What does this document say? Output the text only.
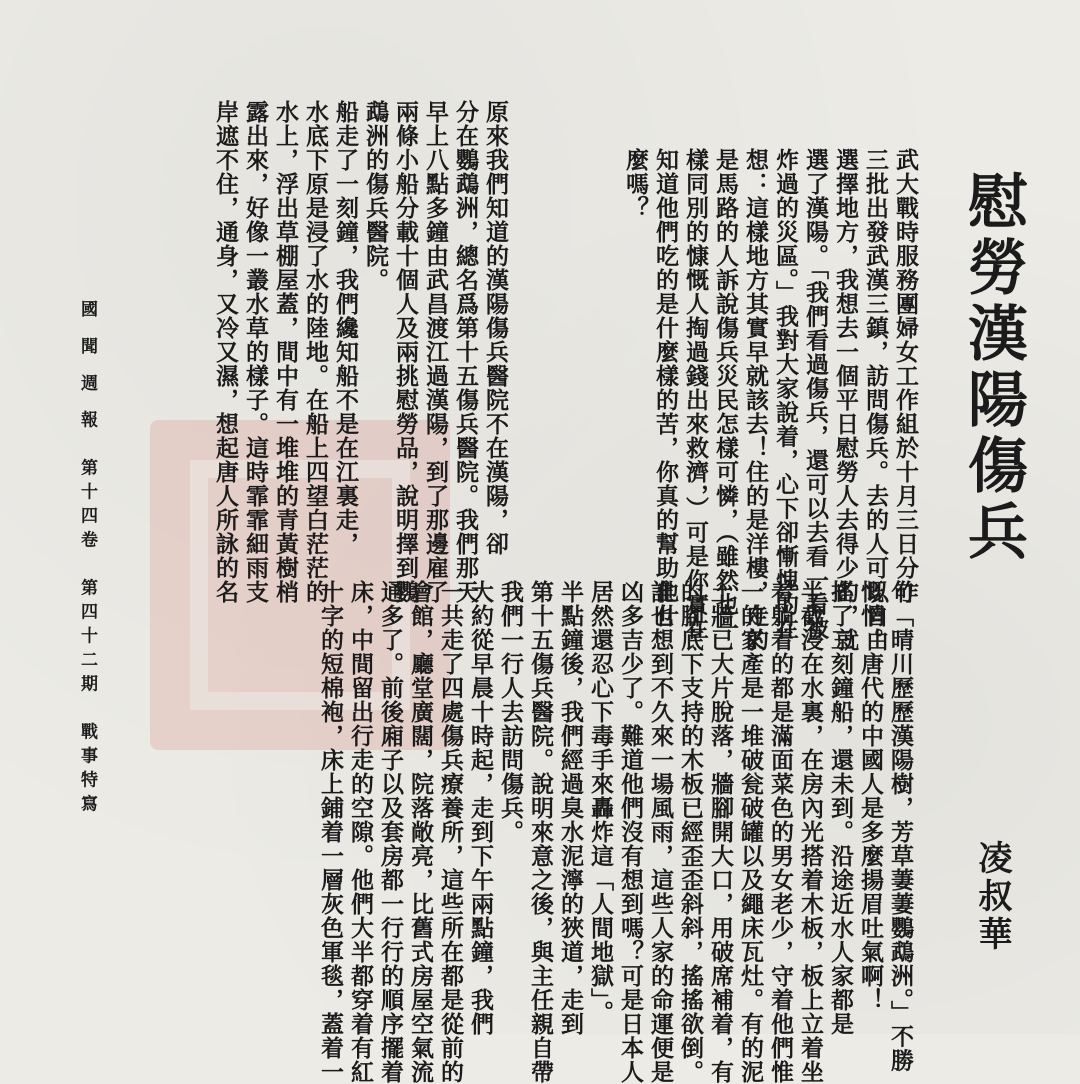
慰勞漢陽傷兵
凌叔華
武大戰時服務團婦女工作組於十月三日分作
三批出發武漢三鎮，訪問傷兵。去的人可以自由
選擇地方，我想去一個平日慰勞人去得少的，就
選了漢陽。「我們看過傷兵，還可以去看一看被
炸過的災區。」我對大家說着，心下卻慚愧的在
想：這樣地方其實早就該去！住的是洋樓，走的
是馬路的人訴說傷兵災民怎樣可憐，（雖然也一
樣同別的慷慨人掏過錢出來救濟，）可是你實在
知道他們吃的是什麼樣的苦，你真的幫助他什
麼嗎？
原來我們知道的漢陽傷兵醫院不在漢陽，卻
分在鸚鵡洲，總名爲第十五傷兵醫院。我們那天
早上八點多鐘由武昌渡江過漢陽，到了那邊雇了
兩條小船分載十個人及兩挑慰勞品，說明擇到鸚
鵡洲的傷兵醫院。
船走了一刻鐘，我們纔知船不是在江裏走，
水底下原是浸了水的陸地。在船上四望白茫茫的
水上，浮出草棚屋蓋，間中有一堆堆的青黃樹梢
露出來，好像一叢水草的樣子。這時霏霏細雨支
岸遮不住，通身，又冷又濕，想起唐人所詠的名
句「晴川歷歷漢陽樹，芳草萋萋鸚鵡洲。」不勝
慨惘。唐代的中國人是多麼揚眉吐氣啊！
搖了三刻鐘船，還未到。沿途近水人家都是
半截浸在水裏，在房內光搭着木板，板上立着坐
着躺着的都是滿面菜色的男女老少，守着他們惟
一的家產是一堆破瓮破罐以及繩床瓦灶。有的泥
土牆已大片脫落，牆腳開大口，用破席補着，有
的腳底下支持的木板已經歪歪斜斜，搖搖欲倒。
誰也想到不久來一場風雨，這些人家的命運便是
凶多吉少了。難道他們沒有想到嗎？可是日本人
居然還忍心下毒手來轟炸這「人間地獄」。
半點鐘後，我們經過臭水泥濘的狹道，走到
第十五傷兵醫院。說明來意之後，與主任親自帶
我們一行人去訪問傷兵。
大約從早晨十時起，走到下午兩點鐘，我們
一共走了四處傷兵療養所，這些所在都是從前的
會館，廳堂廣闊，院落敞亮，比舊式房屋空氣流
通多了。前後廂子以及套房都一行行的順序擺着
床，中間留出行走的空隙。他們大半都穿着有紅
十字的短棉袍，床上鋪着一層灰色軍毯，蓋着一
國 聞 週 報　第十四卷　第四十二期　戰事特寫
